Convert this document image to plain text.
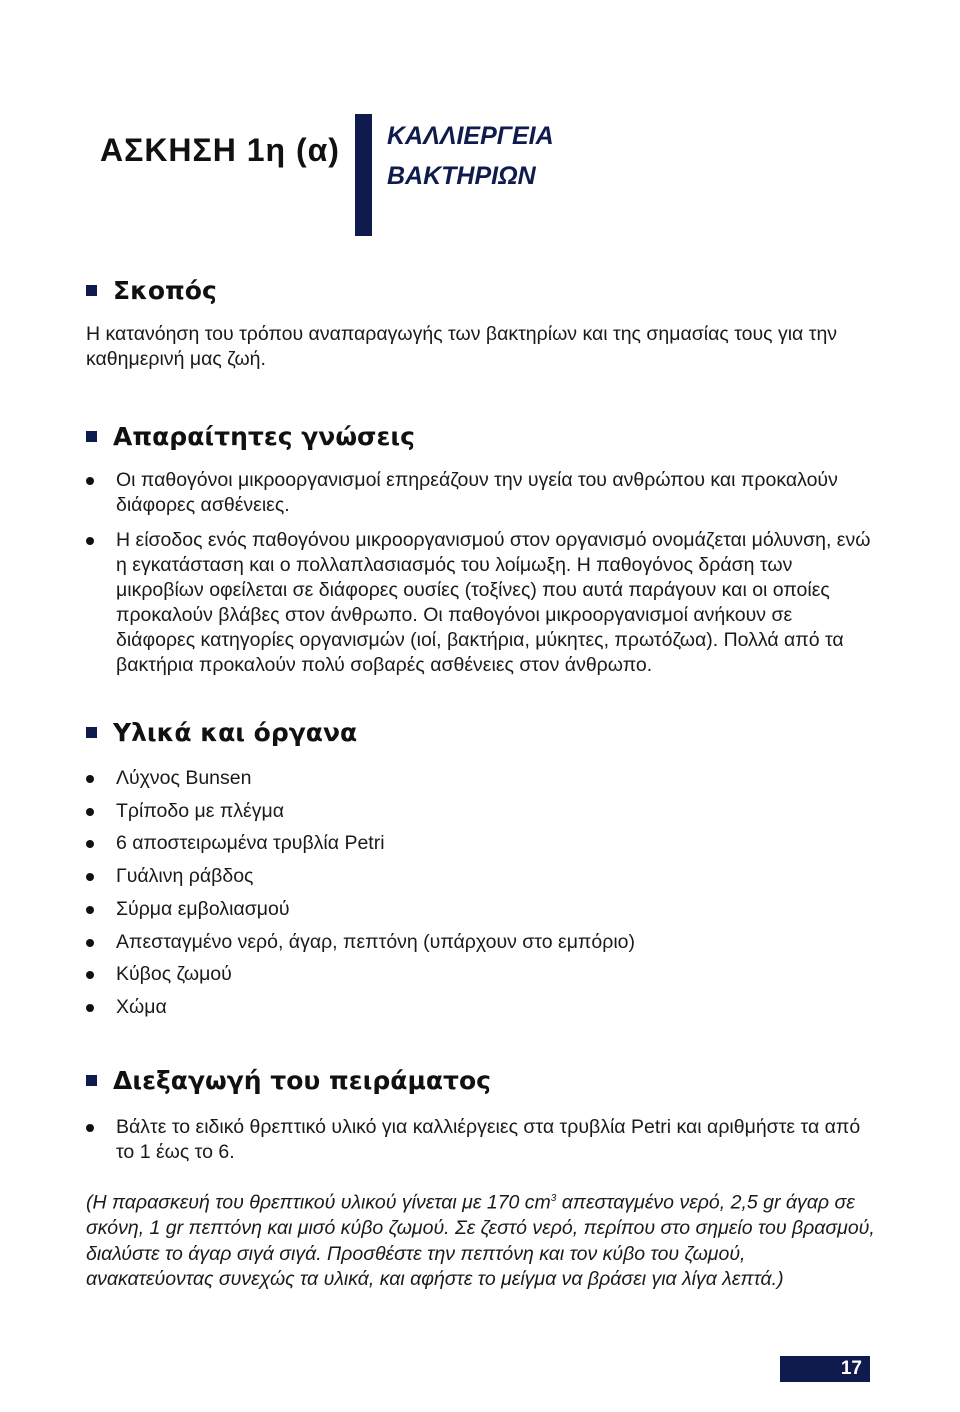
ΑΣΚΗΣΗ 1η (α) ΚΑΛΛΙΕΡΓΕΙΑ
ΒΑΚΤΗΡΙΩΝ
Σκοπός

Η κατανόηση του τρόπου αναπαραγωγής των βακτηρίων και της σημασίας τους για την καθημερινή μας ζωή.

Απαραίτητες γνώσεις
Οι παθογόνοι μικροοργανισμοί επηρεάζουν την υγεία του ανθρώπου και προκαλούν διάφορες ασθένειες.
Η είσοδος ενός παθογόνου μικροοργανισμού στον οργανισμό ονομάζεται μόλυνση, ενώ η εγκατάσταση και ο πολλαπλασιασμός του λοίμωξη. Η παθογόνος δράση των μικροβίων οφείλεται σε διάφορες ουσίες (τοξίνες) που αυτά παράγουν και οι οποίες προκαλούν βλάβες στον άνθρωπο. Οι παθογόνοι μικροοργανισμοί ανήκουν σε διάφορες κατηγορίες οργανισμών (ιοί, βακτήρια, μύκητες, πρωτόζωα). Πολλά από τα βακτήρια προκαλούν πολύ σοβαρές ασθένειες στον άνθρωπο.
Υλικά και όργανα
Λύχνος Bunsen
Τρίποδο με πλέγμα
6 αποστειρωμένα τρυβλία Petri
Γυάλινη ράβδος
Σύρμα εμβολιασμού
Απεσταγμένο νερό, άγαρ, πεπτόνη (υπάρχουν στο εμπόριο)
Κύβος ζωμού
Χώμα
Διεξαγωγή του πειράματος
Βάλτε το ειδικό θρεπτικό υλικό για καλλιέργειες στα τρυβλία Petri και αριθμήστε τα από το 1 έως το 6.

(Η παρασκευή του θρεπτικού υλικού γίνεται με 170 $cm^3$ απεσταγμένο νερό, 2,5 gr άγαρ σε σκόνη, 1 gr πεπτόνη και μισό κύβο ζωμού. Σε ζεστό νερό, περίπου στο σημείο του βρασμού, διαλύστε το άγαρ σιγά σιγά. Προσθέστε την πεπτόνη και τον κύβο του ζωμού, ανακατεύοντας συνεχώς τα υλικά, και αφήστε το μείγμα να βράσει για λίγα λεπτά.)

17
